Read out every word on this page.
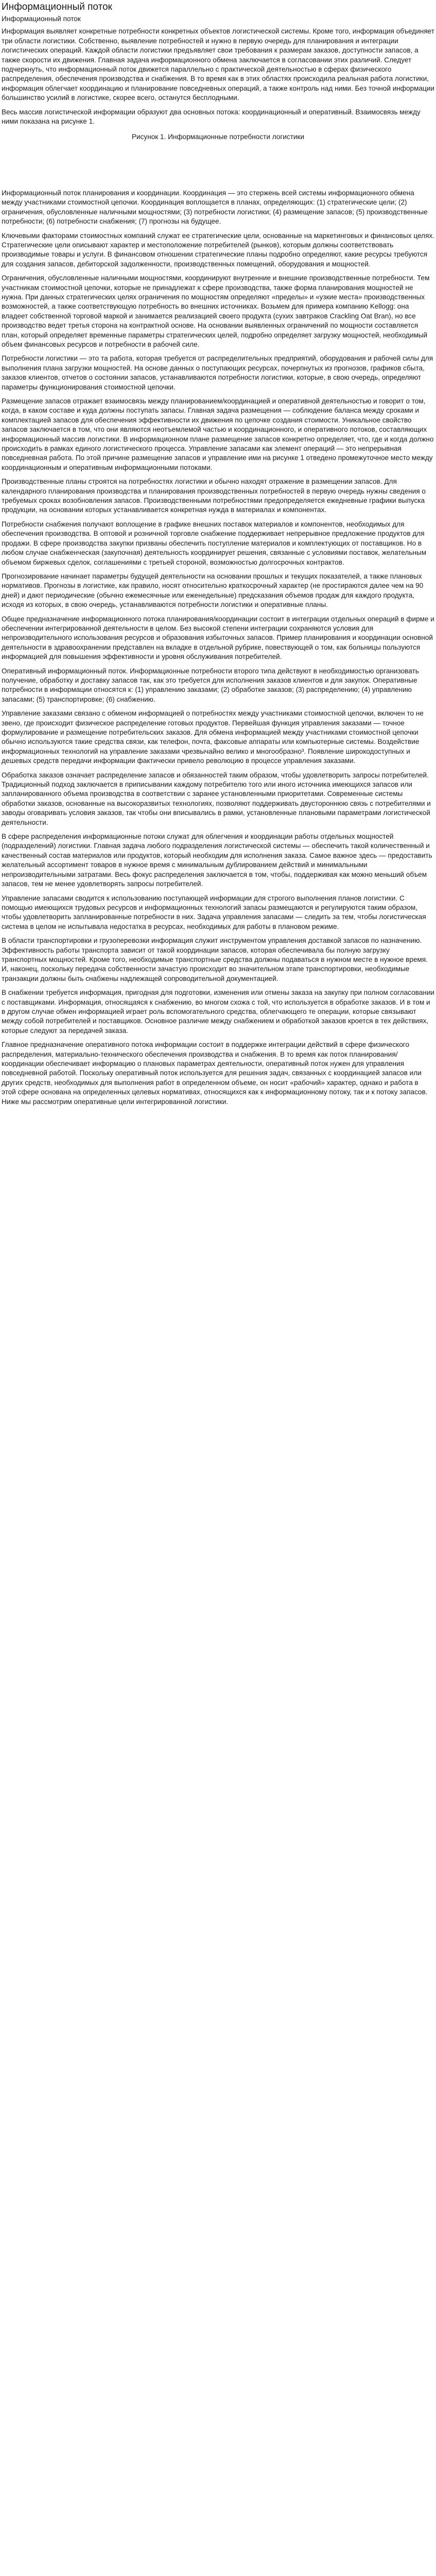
Информационный поток
Информационный поток

Информация выявляет конкретные потребности конкретных объектов логистической системы. Кроме того, информация объединяет три области логистики. Собственно, выявление потребностей и нужно в первую очередь для планирования и интеграции логистических операций. Каждой области логистики предъявляет свои требования к размерам заказов, доступности запасов, а также скорости их движения. Главная задача информационного обмена заключается в согласовании этих различий. Следует подчеркнуть, что информационный поток движется параллельно с практической деятельностью в сферах физического распределения, обеспечения производства и снабжения. В то время как в этих областях происходила реальная работа логистики, информация облегчает координацию и планирование повседневных операций, а также контроль над ними. Без точной информации большинство усилий в логистике, скорее всего, останутся бесплодными.

Весь массив логистической информации образуют два основных потока: координационный и оперативный. Взаимосвязь между ними показана на рисунке 1.

Рисунок 1. Информационные потребности логистики

Информационный поток планирования и координации. Координация — это стержень всей системы информационного обмена между участниками стоимостной цепочки. Координация воплощается в планах, определяющих: (1) стратегические цели; (2) ограничения, обусловленные наличными мощностями; (3) потребности логистики; (4) размещение запасов; (5) производственные потребности; (6) потребности снабжения; (7) прогнозы на будущее.

Ключевыми факторами стоимостных компаний служат ее стратегические цели, основанные на маркетинговых и финансовых целях. Стратегические цели описывают характер и местоположение потребителей (рынков), которым должны соответствовать производимые товары и услуги. В финансовом отношении стратегические планы подробно определяют, какие ресурсы требуются для создания запасов, дебиторской задолженности, производственных помещений, оборудования и мощностей.

Ограничения, обусловленные наличными мощностями, координируют внутренние и внешние производственные потребности. Тем участникам стоимостной цепочки, которые не принадлежат к сфере производства, также форма планирования мощностей не нужна. При данных стратегических целях ограничения по мощностям определяют «пределы» и «узкие места» производственных возможностей, а также соответствующую потребность во внешних источниках. Возьмем для примера компанию Kellogg: она владеет собственной торговой маркой и занимается реализацией своего продукта (сухих завтраков Crackling Oat Bran), но все производство ведет третья сторона на контрактной основе. На основании выявленных ограничений по мощности составляется план, который определяет временные параметры стратегических целей, подробно определяет загрузку мощностей, необходимый объем финансовых ресурсов и потребности в рабочей силе.

Потребности логистики — это та работа, которая требуется от распределительных предприятий, оборудования и рабочей силы для выполнения плана загрузки мощностей. На основе данных о поступающих ресурсах, почерпнутых из прогнозов, графиков сбыта, заказов клиентов, отчетов о состоянии запасов, устанавливаются потребности логистики, которые, в свою очередь, определяют параметры функционирования стоимостной цепочки.

Размещение запасов отражает взаимосвязь между планированием/координацией и оперативной деятельностью и говорит о том, когда, в каком составе и куда должны поступать запасы. Главная задача размещения — соблюдение баланса между сроками и комплектацией запасов для обеспечения эффективности их движения по цепочке создания стоимости. Уникальное свойство запасов заключается в том, что они являются неотъемлемой частью и координационного, и оперативного потоков, составляющих информационный массив логистики. В информационном плане размещение запасов конкретно определяет, что, где и когда должно происходить в рамках единого логистического процесса. Управление запасами как элемент операций — это непрерывная повседневная работа. По этой причине размещение запасов и управление ими на рисунке 1 отведено промежуточное место между координационным и оперативным информационными потоками.

Производственные планы строятся на потребностях логистики и обычно находят отражение в размещении запасов. Для календарного планирования производства и планирования производственных потребностей в первую очередь нужны сведения о требуемых сроках возобновления запасов. Производственными потребностями предопределяется ежедневные графики выпуска продукции, на основании которых устанавливается конкретная нужда в материалах и компонентах.

Потребности снабжения получают воплощение в графике внешних поставок материалов и компонентов, необходимых для обеспечения производства. В оптовой и розничной торговле снабжение поддерживает непрерывное предложение продуктов для продажи. В сфере производства закупки призваны обеспечить поступление материалов и комплектующих от поставщиков. Но в любом случае снабженческая (закупочная) деятельность координирует решения, связанные с условиями поставок, желательным объемом биржевых сделок, соглашениями с третьей стороной, возможностью долгосрочных контрактов.

Прогнозирование начинает параметры будущей деятельности на основании прошлых и текущих показателей, а также плановых нормативов. Прогнозы в логистике, как правило, носят относительно краткосрочный характер (не простираются далее чем на 90 дней) и дают периодические (обычно ежемесячные или еженедельные) предсказания объемов продаж для каждого продукта, исходя из которых, в свою очередь, устанавливаются потребности логистики и оперативные планы.

Общее предназначение информационного потока планирования/координации состоит в интеграции отдельных операций в фирме и обеспечении интегрированной деятельности в целом. Без высокой степени интеграции сохраняются условия для непроизводительного использования ресурсов и образования избыточных запасов. Пример планирования и координации основной деятельности в здравоохранении представлен на вкладке в отдельной рубрике, повествующей о том, как больницы пользуются информацией для повышения эффективности и уровня обслуживания потребителей.

Оперативный информационный поток. Информационные потребности второго типа действуют в необходимостью организовать получение, обработку и доставку запасов так, как это требуется для исполнения заказов клиентов и для закупок. Оперативные потребности в информации относятся к: (1) управлению заказами; (2) обработке заказов; (3) распределению; (4) управлению запасами; (5) транспортировке; (6) снабжению.

Управление заказами связано с обменом информацией о потребностях между участниками стоимостной цепочки, включен то не звено, где происходит физическое распределение готовых продуктов. Первейшая функция управления заказами — точное формулирование и размещение потребительских заказов. Для обмена информацией между участниками стоимостной цепочки обычно используются такие средства связи, как телефон, почта, факсовые аппараты или компьютерные системы. Воздействие информационных технологий на управление заказами чрезвычайно велико и многообразно³. Появление широкодоступных и дешевых средств передачи информации фактически привело революцию в процессе управления заказами.

Обработка заказов означает распределение запасов и обязанностей таким образом, чтобы удовлетворить запросы потребителей. Традиционный подход заключается в приписывании каждому потребителю того или иного источника имеющихся запасов или запланированного объема производства в соответствии с заранее установленными приоритетами. Современные системы обработки заказов, основанные на высокоразвитых технологиях, позволяют поддерживать двустороннюю связь с потребителями и заводы оговаривать условия заказов, так чтобы они вписывались в рамки, установленные плановыми параметрами логистической деятельности.

В сфере распределения информационные потоки служат для облегчения и координации работы отдельных мощностей (подразделений) логистики. Главная задача любого подразделения логистической системы — обеспечить такой количественный и качественный состав материалов или продуктов, который необходим для исполнения заказа. Самое важное здесь — предоставить желательный ассортимент товаров в нужное время с минимальным дублированием действий и минимальными непроизводительными затратами. Весь фокус распределения заключается в том, чтобы, поддерживая как можно меньший объем запасов, тем не менее удовлетворять запросы потребителей.

Управление запасами сводится к использованию поступающей информации для строгого выполнения планов логистики. С помощью имеющихся трудовых ресурсов и информационных технологий запасы размещаются и регулируются таким образом, чтобы удовлетворить запланированные потребности в них. Задача управления запасами — следить за тем, чтобы логистическая система в целом не испытывала недостатка в ресурсах, необходимых для работы в плановом режиме.

В области транспортировки и грузоперевозки информация служит инструментом управления доставкой запасов по назначению. Эффективность работы транспорта зависит от такой координации запасов, которая обеспечивала бы полную загрузку транспортных мощностей. Кроме того, необходимые транспортные средства должны подаваться в нужном месте в нужное время. И, наконец, поскольку передача собственности зачастую происходит во значительном этапе транспортировки, необходимые транзакции должны быть снабжены надлежащей сопроводительной документацией.

В снабжении требуется информация, пригодная для подготовки, изменения или отмены заказа на закупку при полном согласовании с поставщиками. Информация, относящаяся к снабжению, во многом схожа с той, что используется в обработке заказов. И в том и в другом случае обмен информацией играет роль вспомогательного средства, облегчающего те операции, которые связывают между собой потребителей и поставщиков. Основное различие между снабжением и обработкой заказов кроется в тех действиях, которые следуют за передачей заказа.

Главное предназначение оперативного потока информации состоит в поддержке интеграции действий в сфере физического распределения, материально-технического обеспечения производства и снабжения. В то время как поток планирования/координации обеспечивает информацию о плановых параметрах деятельности, оперативный поток нужен для управления повседневной работой. Поскольку оперативный поток используется для решения задач, связанных с координацией запасов или других средств, необходимых для выполнения работ в определенном объеме, он носит «рабочий» характер, однако и работа в этой сфере основана на определенных целевых нормативах, относящихся как к информационному потоку, так и к потоку запасов. Ниже мы рассмотрим оперативные цели интегрированной логистики.
